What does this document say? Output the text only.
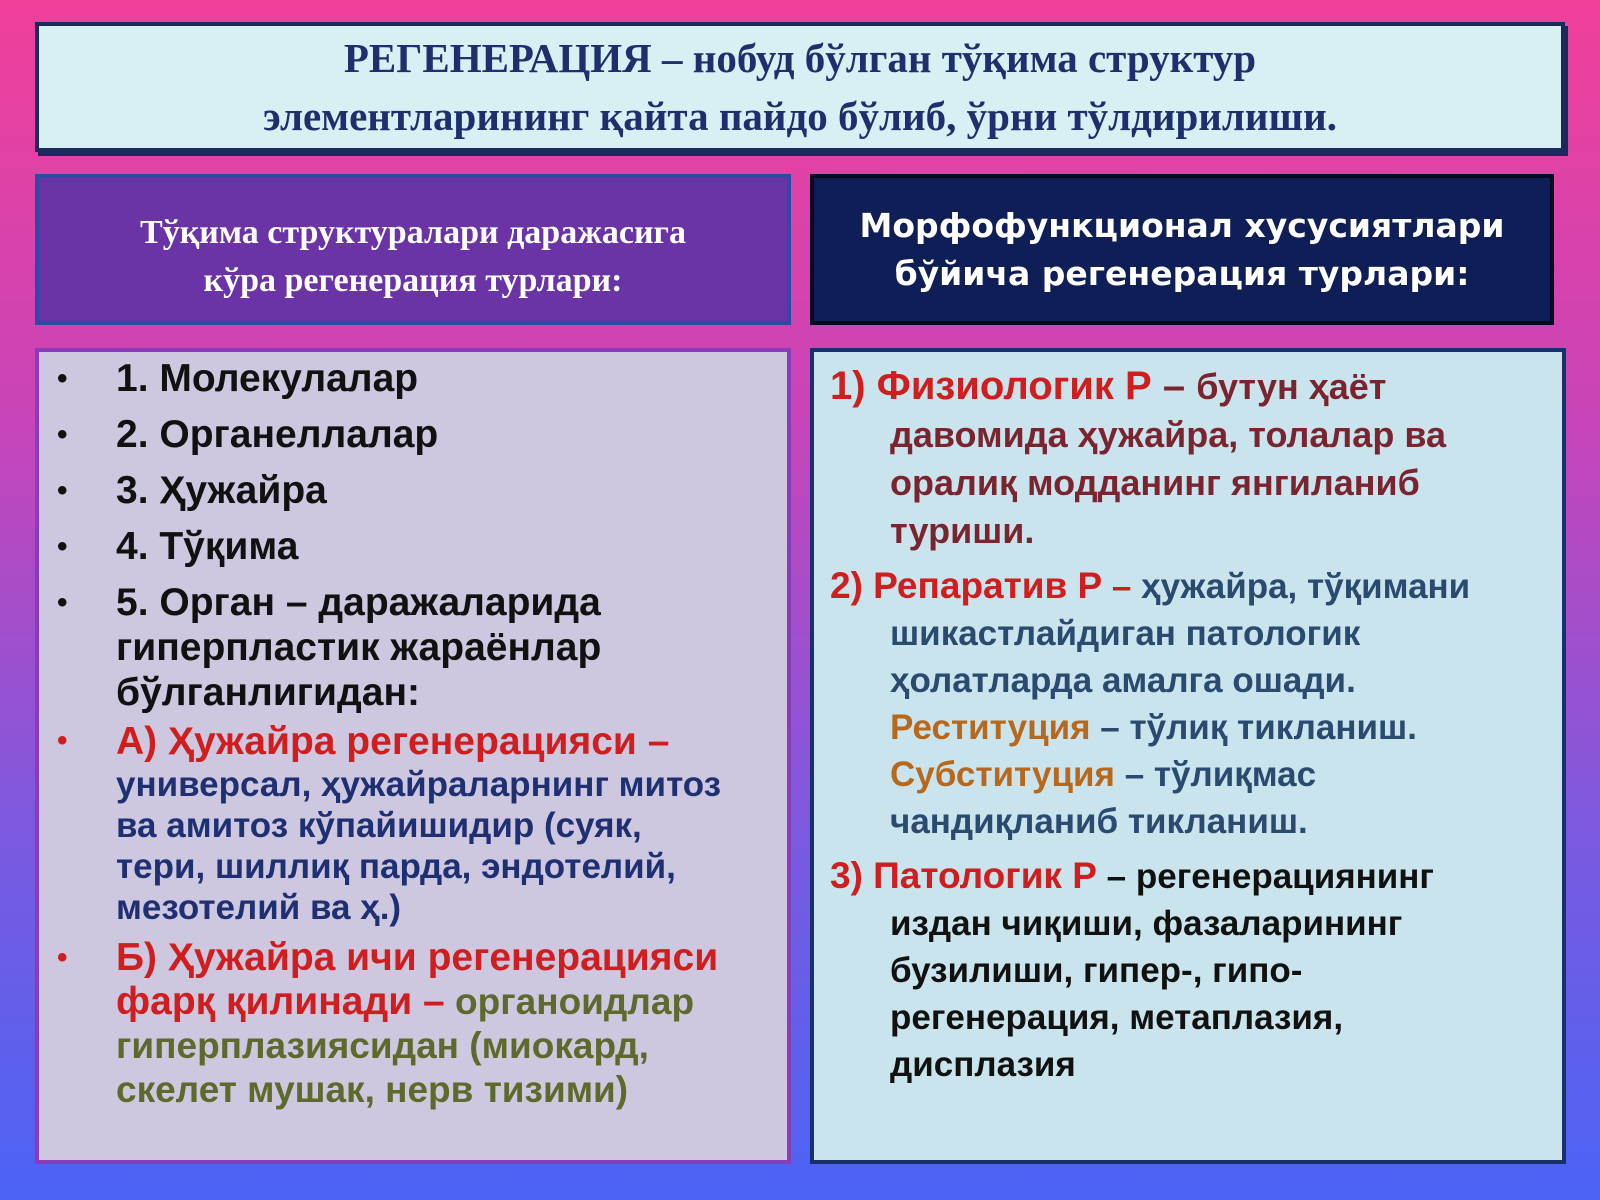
РЕГЕНЕРАЦИЯ – нобуд бўлган тўқима структур
элементларининг қайта пайдо бўлиб, ўрни тўлдирилиши.
Тўқима структуралари даражасига
кўра регенерация турлари:
Морфофункционал хусусиятлари
бўйича регенерация турлари:
• 1. Молекулалар
• 2. Органеллалар
• 3. Ҳужайра
• 4. Тўқима
• 5. Орган – даражаларида
гиперпластик жараёнлар
бўлганлигидан:
• А) Ҳужайра регенерацияси –
универсал, ҳужайраларнинг митоз
ва амитоз кўпайишидир (суяк,
тери, шиллиқ парда, эндотелий,
мезотелий ва ҳ.)
• Б) Ҳужайра ичи регенерацияси
фарқ қилинади – органоидлар
гиперплазиясидан (миокард,
скелет мушак, нерв тизими)
1) Физиологик Р – бутун ҳаёт
давомида ҳужайра, толалар ва
оралиқ модданинг янгиланиб
туриши.
2) Репаратив Р – ҳужайра, тўқимани
шикастлайдиган патологик
ҳолатларда амалга ошади.
Реституция – тўлиқ тикланиш.
Субституция – тўлиқмас
чандиқланиб тикланиш.
3) Патологик Р – регенерациянинг
издан чиқиши, фазаларининг
бузилиши, гипер-, гипо-
регенерация, метаплазия,
дисплазия
